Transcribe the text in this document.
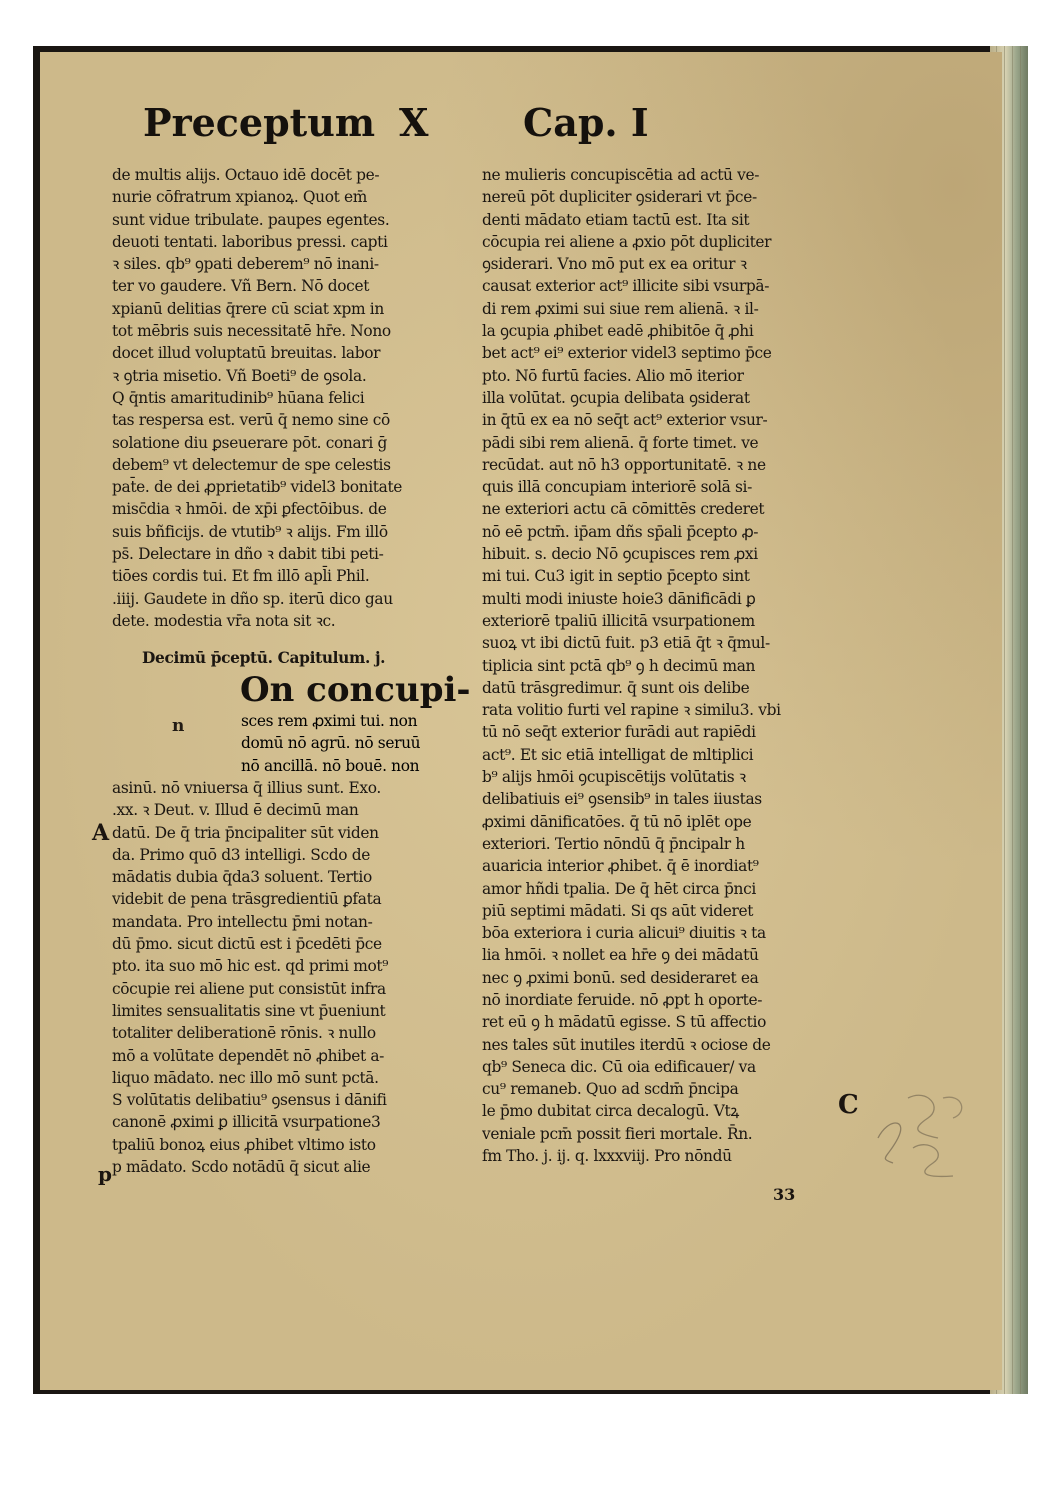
Preceptum X Cap. I
de multis alijs. Octauo idē docēt pe-
nurie cōfratrum xpianoꝝ. Quot em̄
sunt vidue tribulate. paupes egentes.
deuoti tentati. laboribus pressi. capti
ꝛ siles. qb⁹ ꝯpati deberem⁹ nō inani-
ter vo gaudere. Vñ Bern. Nō docet
xpianū delitias q̄rere cū sciat xpm in
tot mēbris suis necessitatē hr̄e. Nono
docet illud voluptatū breuitas. labor
ꝛ ꝯtria misetio. Vñ Boeti⁹ de ꝯsola.
Q q̄ntis amaritudinib⁹ hūana felici
tas respersa est. verū q̄ nemo sine cō
solatione diu ꝑseuerare pōt. conari ḡ
debem⁹ vt delectemur de spe celestis
pat̄e. de dei ꝓprietatib⁹ videl3 bonitate
misc̄dia ꝛ hmōi. de xp̄i ꝑfectōibus. de
suis bñficijs. de vtutib⁹ ꝛ alijs. Fm illō
ps̄. Delectare in dño ꝛ dabit tibi peti-
tiōes cordis tui. Et fm illō apl̄i Phil.
.iiij. Gaudete in dño sp. iterū dico gau
dete. modestia vr̄a nota sit ꝛc.
Decimū p̄ceptū. Capitulum. j.
On concupi-
n	sces rem ꝓximi tui. non
domū nō agrū. nō seruū
nō ancillā. nō bouē. non
asinū. nō vniuersa q̄ illius sunt. Exo.
.xx. ꝛ Deut. v. Illud ē decimū man
datū. De q̄ tria p̄ncipaliter sūt viden
da. Primo quō d3 intelligi. Scdo de
mādatis dubia q̄da3 soluent. Tertio
videbit de pena trāsgredientiū ꝑfata
mandata. Pro intellectu p̄mi notan-
dū p̄mo. sicut dictū est i p̄cedēti p̄ce
pto. ita suo mō hic est. qd primi mot⁹
cōcupie rei aliene put consistūt infra
limites sensualitatis sine vt p̄ueniunt
totaliter deliberationē rōnis. ꝛ nullo
mō a volūtate dependēt nō ꝓhibet a-
liquo mādato. nec illo mō sunt pctā.
S volūtatis delibatiu⁹ ꝯsensus i dānifi
canonē ꝓximi ꝑ illicitā vsurpatione3
tpaliū bonoꝝ eius ꝓhibet vltimo isto
p mādato. Scdo notādū q̄ sicut alie
ne mulieris concupiscētia ad actū ve-
nereū pōt dupliciter ꝯsiderari vt p̄ce-
denti mādato etiam tactū est. Ita sit
cōcupia rei aliene a ꝓxio pōt dupliciter
ꝯsiderari. Vno mō put ex ea oritur ꝛ
causat exterior act⁹ illicite sibi vsurpā-
di rem ꝓximi sui siue rem alienā. ꝛ il-
la ꝯcupia ꝓhibet eadē ꝓhibitōe q̄ ꝓhi
bet act⁹ ei⁹ exterior videl3 septimo p̄ce
pto. Nō furtū facies. Alio mō iterior
illa volūtat. ꝯcupia delibata ꝯsiderat
in q̄tū ex ea nō seq̄t act⁹ exterior vsur-
pādi sibi rem alienā. q̄ forte timet. ve
recūdat. aut nō h3 opportunitatē. ꝛ ne
quis illā concupiam interiorē solā si-
ne exteriori actu cā cōmittēs crederet
nō eē pctm̄. ip̄am dñs sp̄ali p̄cepto ꝓ-
hibuit. s. decio Nō ꝯcupisces rem ꝓxi
mi tui. Cu3 igit in septio p̄cepto sint
multi modi iniuste hoie3 dānificādi ꝑ
exteriorē tpaliū illicitā vsurpationem
suoꝝ vt ibi dictū fuit. p3 etiā q̄t ꝛ q̄mul-
tiplicia sint pctā qb⁹ ꝯ h decimū man
datū trāsgredimur. q̄ sunt ois delibe
rata volitio furti vel rapine ꝛ similu3. vbi
tū nō seq̄t exterior furādi aut rapiēdi
act⁹. Et sic etiā intelligat de mltiplici
b⁹ alijs hmōi ꝯcupiscētijs volūtatis ꝛ
delibatiuis ei⁹ ꝯsensib⁹ in tales iiustas
ꝓximi dānificatōes. q̄ tū nō iplēt ope
exteriori. Tertio nōndū q̄ p̄ncipalr h
auaricia interior ꝓhibet. q̄ ē inordiat⁹
amor hñdi tpalia. De q̄ hēt circa p̄nci
piū septimi mādati. Si qs aūt videret
bōa exteriora i curia alicui⁹ diuitis ꝛ ta
lia hmōi. ꝛ nollet ea hr̄e ꝯ dei mādatū
nec ꝯ ꝓximi bonū. sed desideraret ea
nō inordiate feruide. nō ꝓpt h oporte-
ret eū ꝯ h mādatū egisse. S tū affectio
nes tales sūt inutiles iterdū ꝛ ociose de
qb⁹ Seneca dic. Cū oia edificauer/ va
cu⁹ remaneb. Quo ad scdm̄ p̄ncipa
le p̄mo dubitat circa decalogū. Vtꝝ
veniale pcm̄ possit fieri mortale. R̄n.
fm Tho. j. ij. q. lxxxviij. Pro nōndū
A
p
C
33
